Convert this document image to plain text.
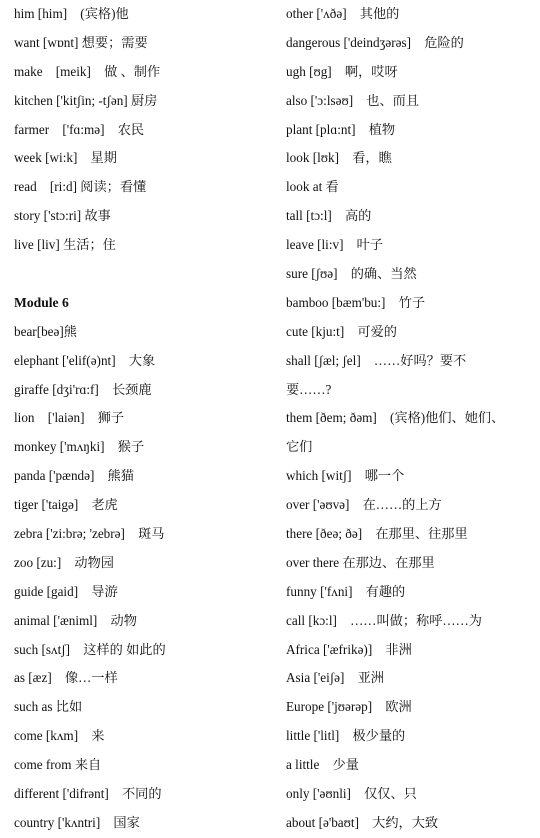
him [him]　(宾格)他
want [wɒnt] 想要；需要
make　[meik]　做 、制作
kitchen ['kitʃin; -tʃən] 厨房
farmer　['fɑ:mə]　农民
week [wi:k]　星期
read　[ri:d] 阅读；看懂
story ['stɔ:ri] 故事
live [liv] 生活；住
Module 6
bear[beə]熊
elephant ['elif(ə)nt]　大象
giraffe [dʒi'rɑ:f]　长颈鹿
lion　['laiən]　狮子
monkey ['mʌŋki]　猴子
panda ['pændə]　熊猫
tiger ['taigə]　老虎
zebra ['zi:brə; 'zebrə]　斑马
zoo [zu:]　动物园
guide [gaid]　导游
animal ['æniml]　动物
such [sʌtʃ]　这样的 如此的
as [æz]　像…一样
such as 比如
come [kʌm]　来
come from 来自
different ['difrənt]　不同的
country ['kʌntri]　国家
other ['ʌðə]　其他的
dangerous ['deindʒərəs]　危险的
ugh [ʊg]　啊，哎呀
also ['ɔ:lsəʊ]　也、而且
plant [plɑ:nt]　植物
look [lʊk]　看，瞧
look at 看
tall [tɔ:l]　高的
leave [li:v]　叶子
sure [ʃʊə]　的确、当然
bamboo [bæm'bu:]　竹子
cute [kju:t]　可爱的
shall [ʃæl; ʃel]　……好吗？要不
要……?
them [ðem; ðəm]　(宾格)他们、她们、
它们
which [witʃ]　哪一个
over ['əʊvə]　在……的上方
there [ðeə; ðə]　在那里、往那里
over there 在那边、在那里
funny ['fʌni]　有趣的
call [kɔ:l]　……叫做；称呼……为
Africa ['æfrikə)]　非洲
Asia ['eiʃə]　亚洲
Europe ['jʊərəp]　欧洲
little ['litl]　极少量的
a little　少量
only ['əʊnli]　仅仅、只
about [ə'baʊt]　大约，大致
